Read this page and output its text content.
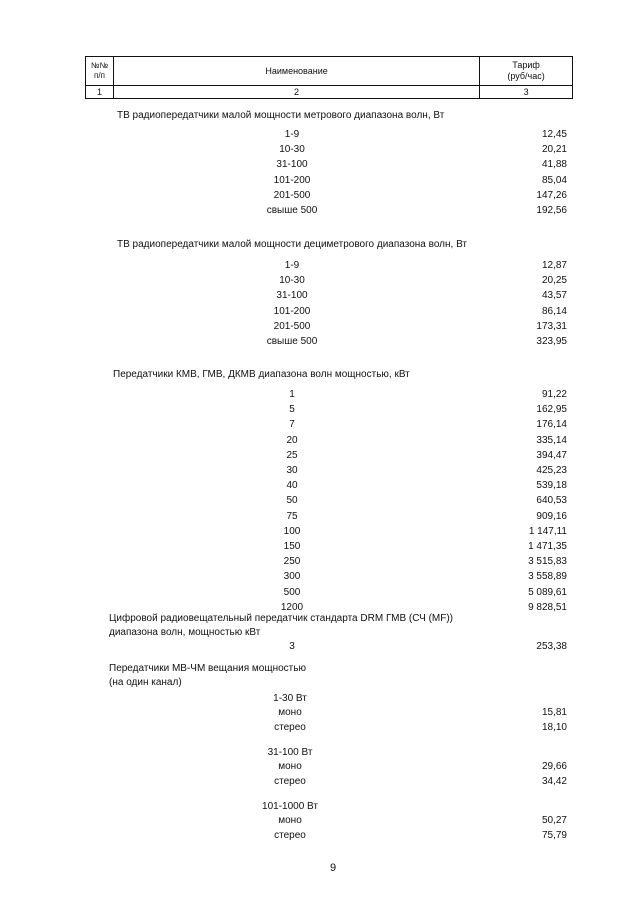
№№
п/п	Наименование	Тариф
(руб/час)

1	2	3
ТВ радиопередатчики малой мощности метрового диапазона волн, Вт
1-9	12,45
10-30	20,21
31-100	41,88
101-200	85,04
201-500	147,26
свыше 500	192,56
ТВ радиопередатчики малой мощности дециметрового диапазона волн, Вт
1-9	12,87
10-30	20,25
31-100	43,57
101-200	86,14
201-500	173,31
свыше 500	323,95
Передатчики КМВ, ГМВ, ДКМВ диапазона волн мощностью, кВт
1	91,22
5	162,95
7	176,14
20	335,14
25	394,47
30	425,23
40	539,18
50	640,53
75	909,16
100	1 147,11
150	1 471,35
250	3 515,83
300	3 558,89
500	5 089,61
1200	9 828,51
Цифровой радиовещательный передатчик стандарта DRM ГМВ (СЧ (MF))
диапазона волн, мощностью кВт
3	253,38
Передатчики МВ-ЧМ вещания мощностью
(на один канал)
1-30 Вт
моно	15,81
стерео	18,10
31-100 Вт
моно	29,66
стерео	34,42
101-1000 Вт
моно	50,27
стерео	75,79
9
